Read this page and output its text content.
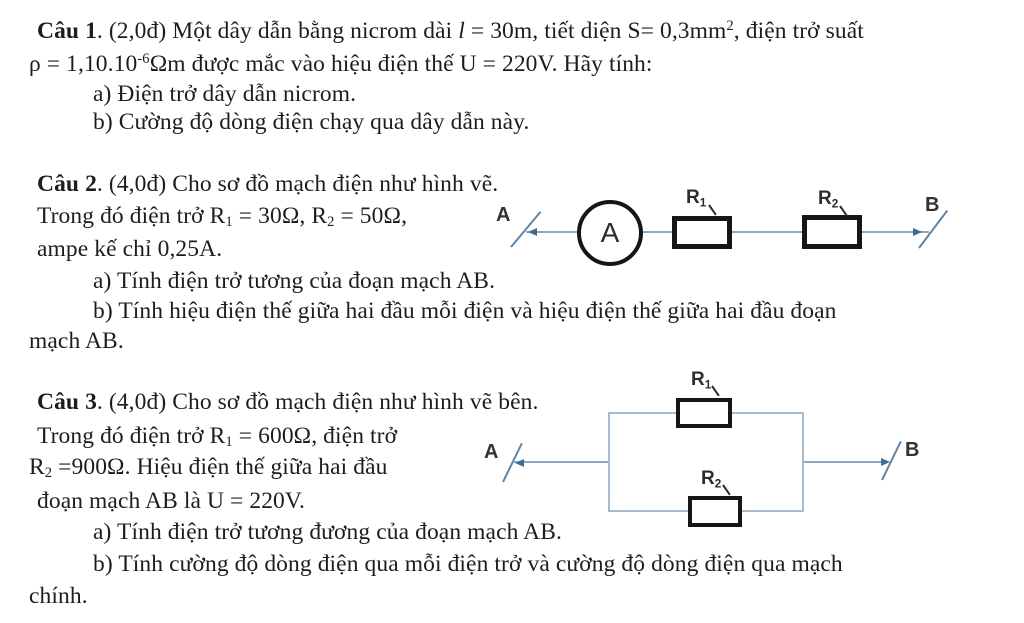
Câu 1. (2,0đ) Một dây dẫn bằng nicrom dài l = 30m, tiết diện $S= 0,3mm^2$, điện trở suất
$\rho = 1,10.10^{-6}\Omega m$ được mắc vào hiệu điện thế U = 220V. Hãy tính:
a) Điện trở dây dẫn nicrom.
b) Cường độ dòng điện chạy qua dây dẫn này.
Câu 2. (4,0đ) Cho sơ đồ mạch điện như hình vẽ.
Trong đó điện trở $R_1 = 30\Omega$, $R_2 = 50\Omega$,
ampe kế chỉ 0,25A.
a) Tính điện trở tương của đoạn mạch AB.
b) Tính hiệu điện thế giữa hai đầu mỗi điện và hiệu điện thế giữa hai đầu đoạn
mạch AB.
Câu 3. (4,0đ) Cho sơ đồ mạch điện như hình vẽ bên.
Trong đó điện trở $R_1 = 600\Omega$, điện trở
$R_2 =900\Omega$. Hiệu điện thế giữa hai đầu
đoạn mạch AB là U = 220V.
a) Tính điện trở tương đương của đoạn mạch AB.
b) Tính cường độ dòng điện qua mỗi điện trở và cường độ dòng điện qua mạch
chính.
A
A
$R_1$	$R_2$	B
A
$R_1$
$R_2$
B
